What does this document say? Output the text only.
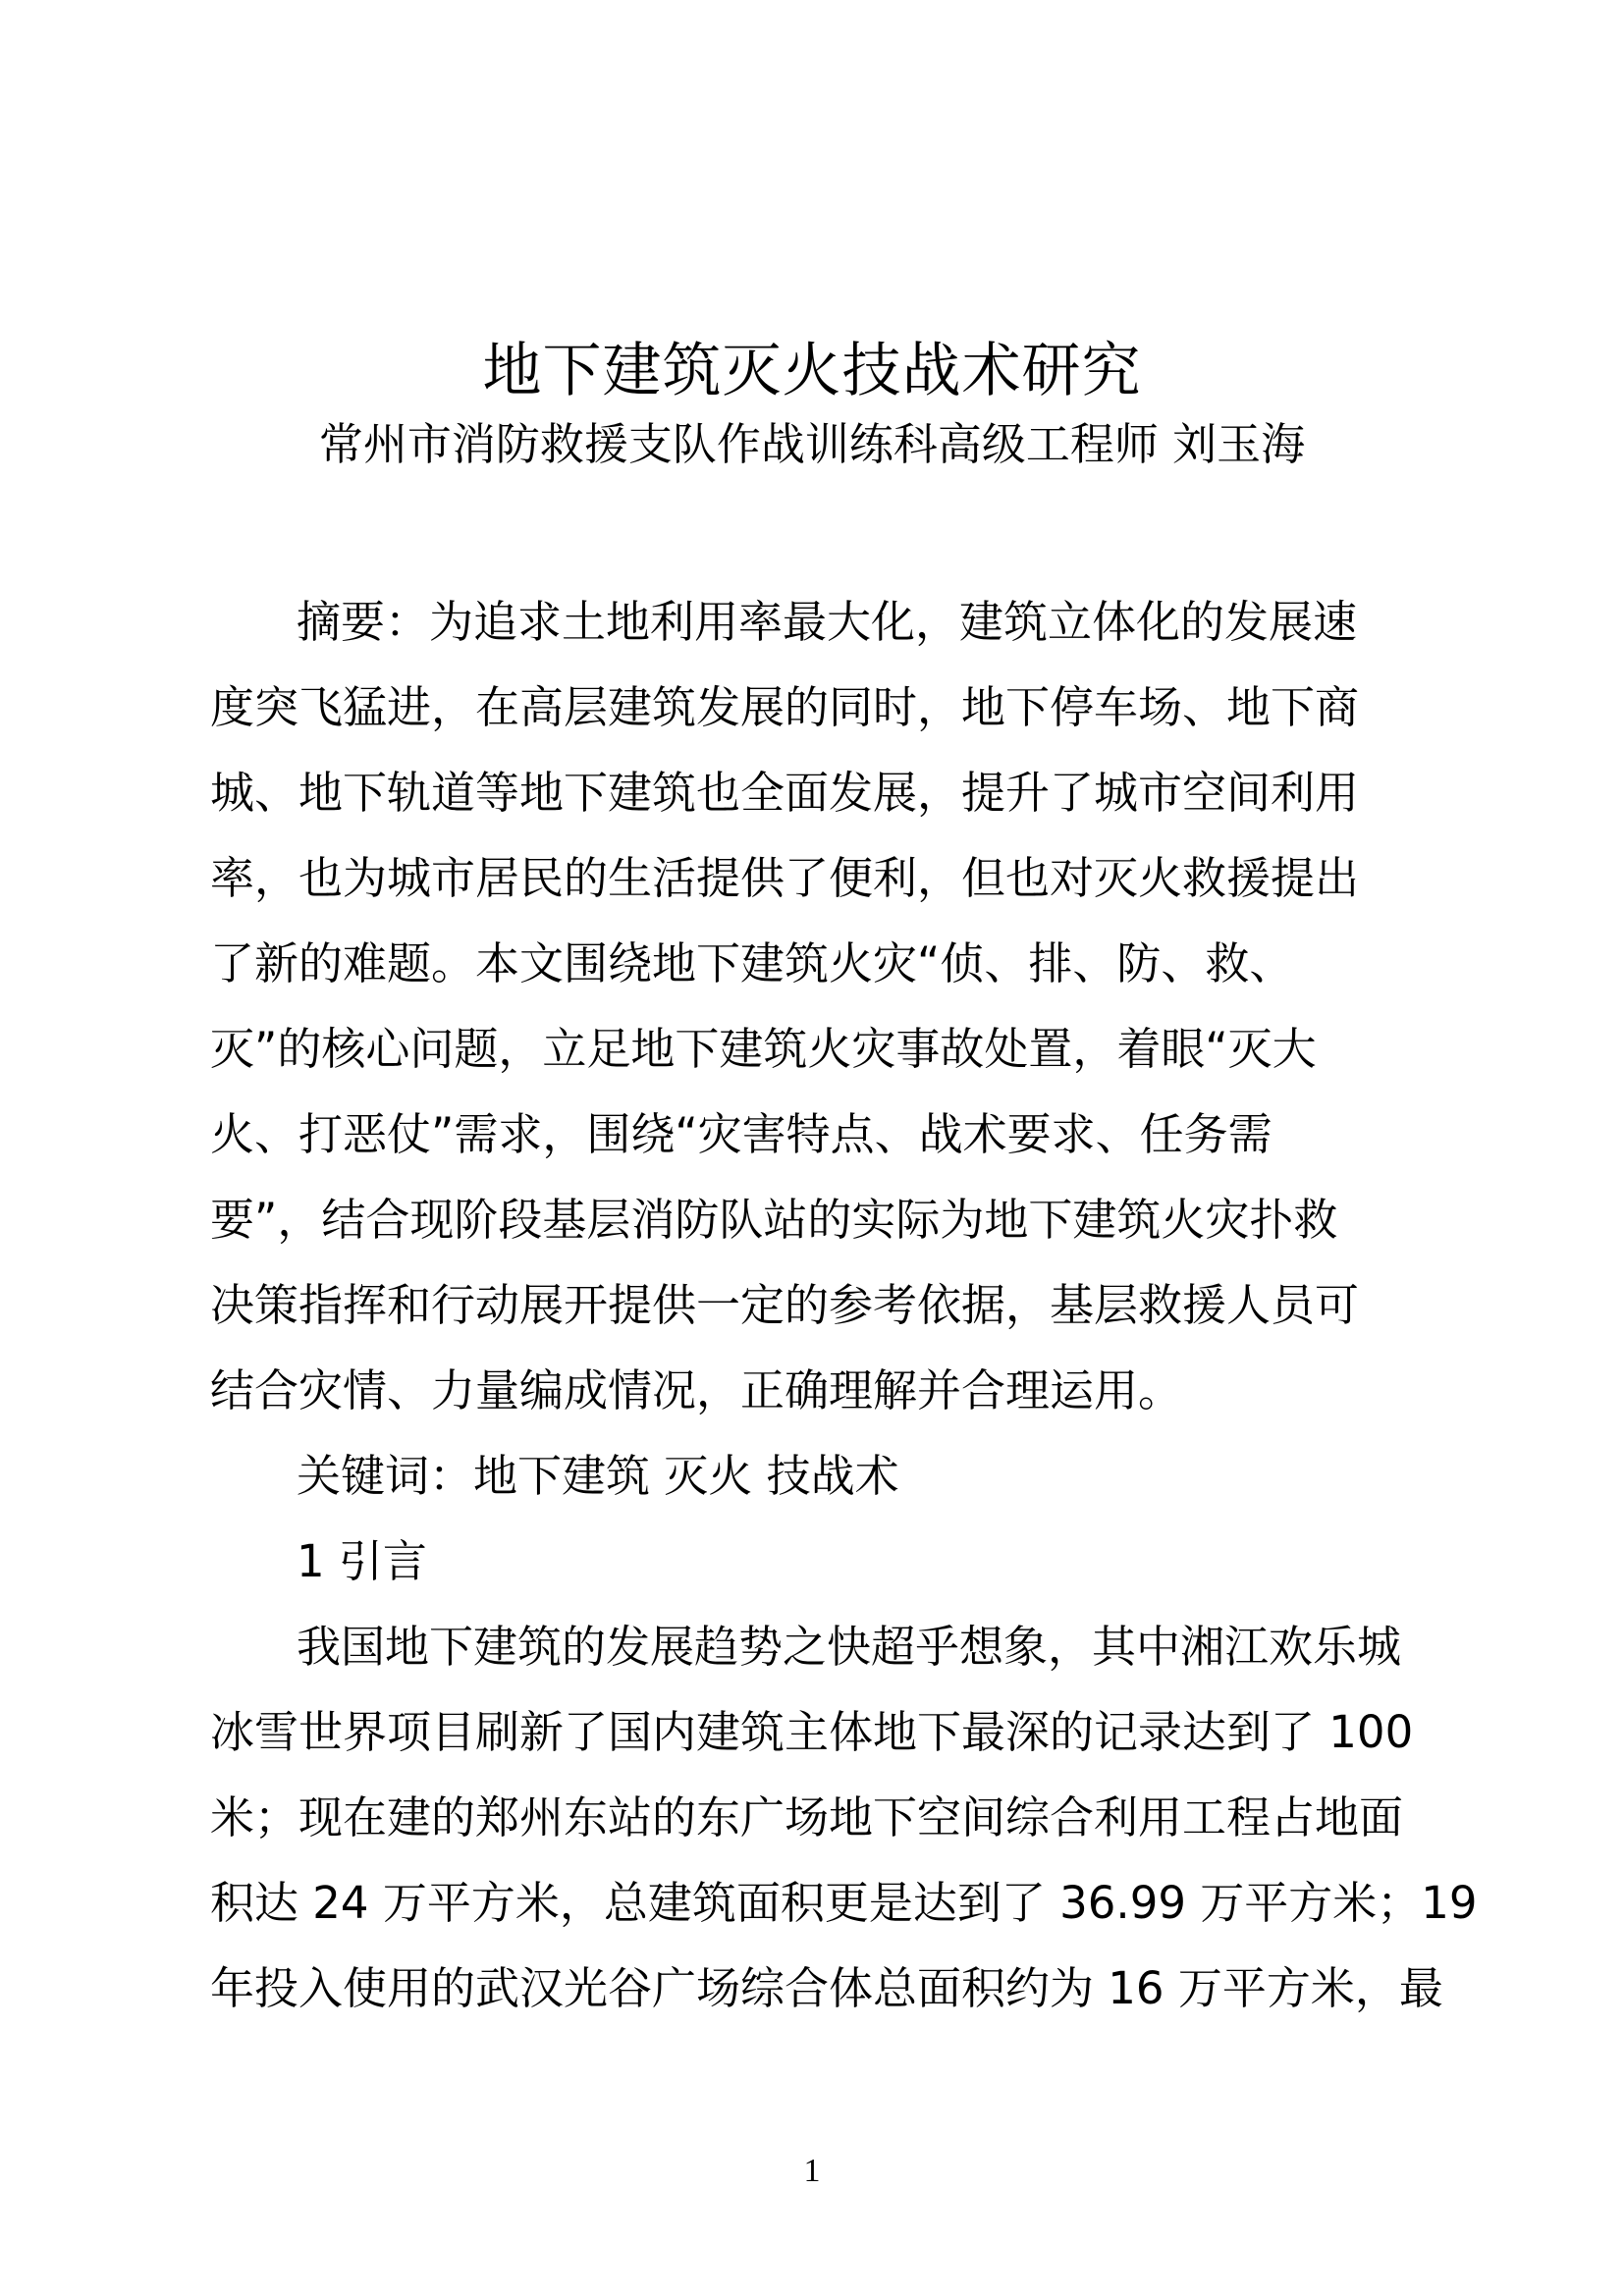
地下建筑灭火技战术研究
常州市消防救援支队作战训练科高级工程师 刘玉海
摘要：为追求土地利用率最大化，建筑立体化的发展速
度突飞猛进，在高层建筑发展的同时，地下停车场、地下商
城、地下轨道等地下建筑也全面发展，提升了城市空间利用
率，也为城市居民的生活提供了便利，但也对灭火救援提出
了新的难题。本文围绕地下建筑火灾“侦、排、防、救、
灭”的核心问题，立足地下建筑火灾事故处置，着眼“灭大
火、打恶仗”需求，围绕“灾害特点、战术要求、任务需
要”，结合现阶段基层消防队站的实际为地下建筑火灾扑救
决策指挥和行动展开提供一定的参考依据，基层救援人员可
结合灾情、力量编成情况，正确理解并合理运用。
关键词：地下建筑 灭火 技战术
1 引言
我国地下建筑的发展趋势之快超乎想象，其中湘江欢乐城
冰雪世界项目刷新了国内建筑主体地下最深的记录达到了 100
米；现在建的郑州东站的东广场地下空间综合利用工程占地面
积达 24 万平方米，总建筑面积更是达到了 36.99 万平方米；19
年投入使用的武汉光谷广场综合体总面积约为 16 万平方米，最
1
